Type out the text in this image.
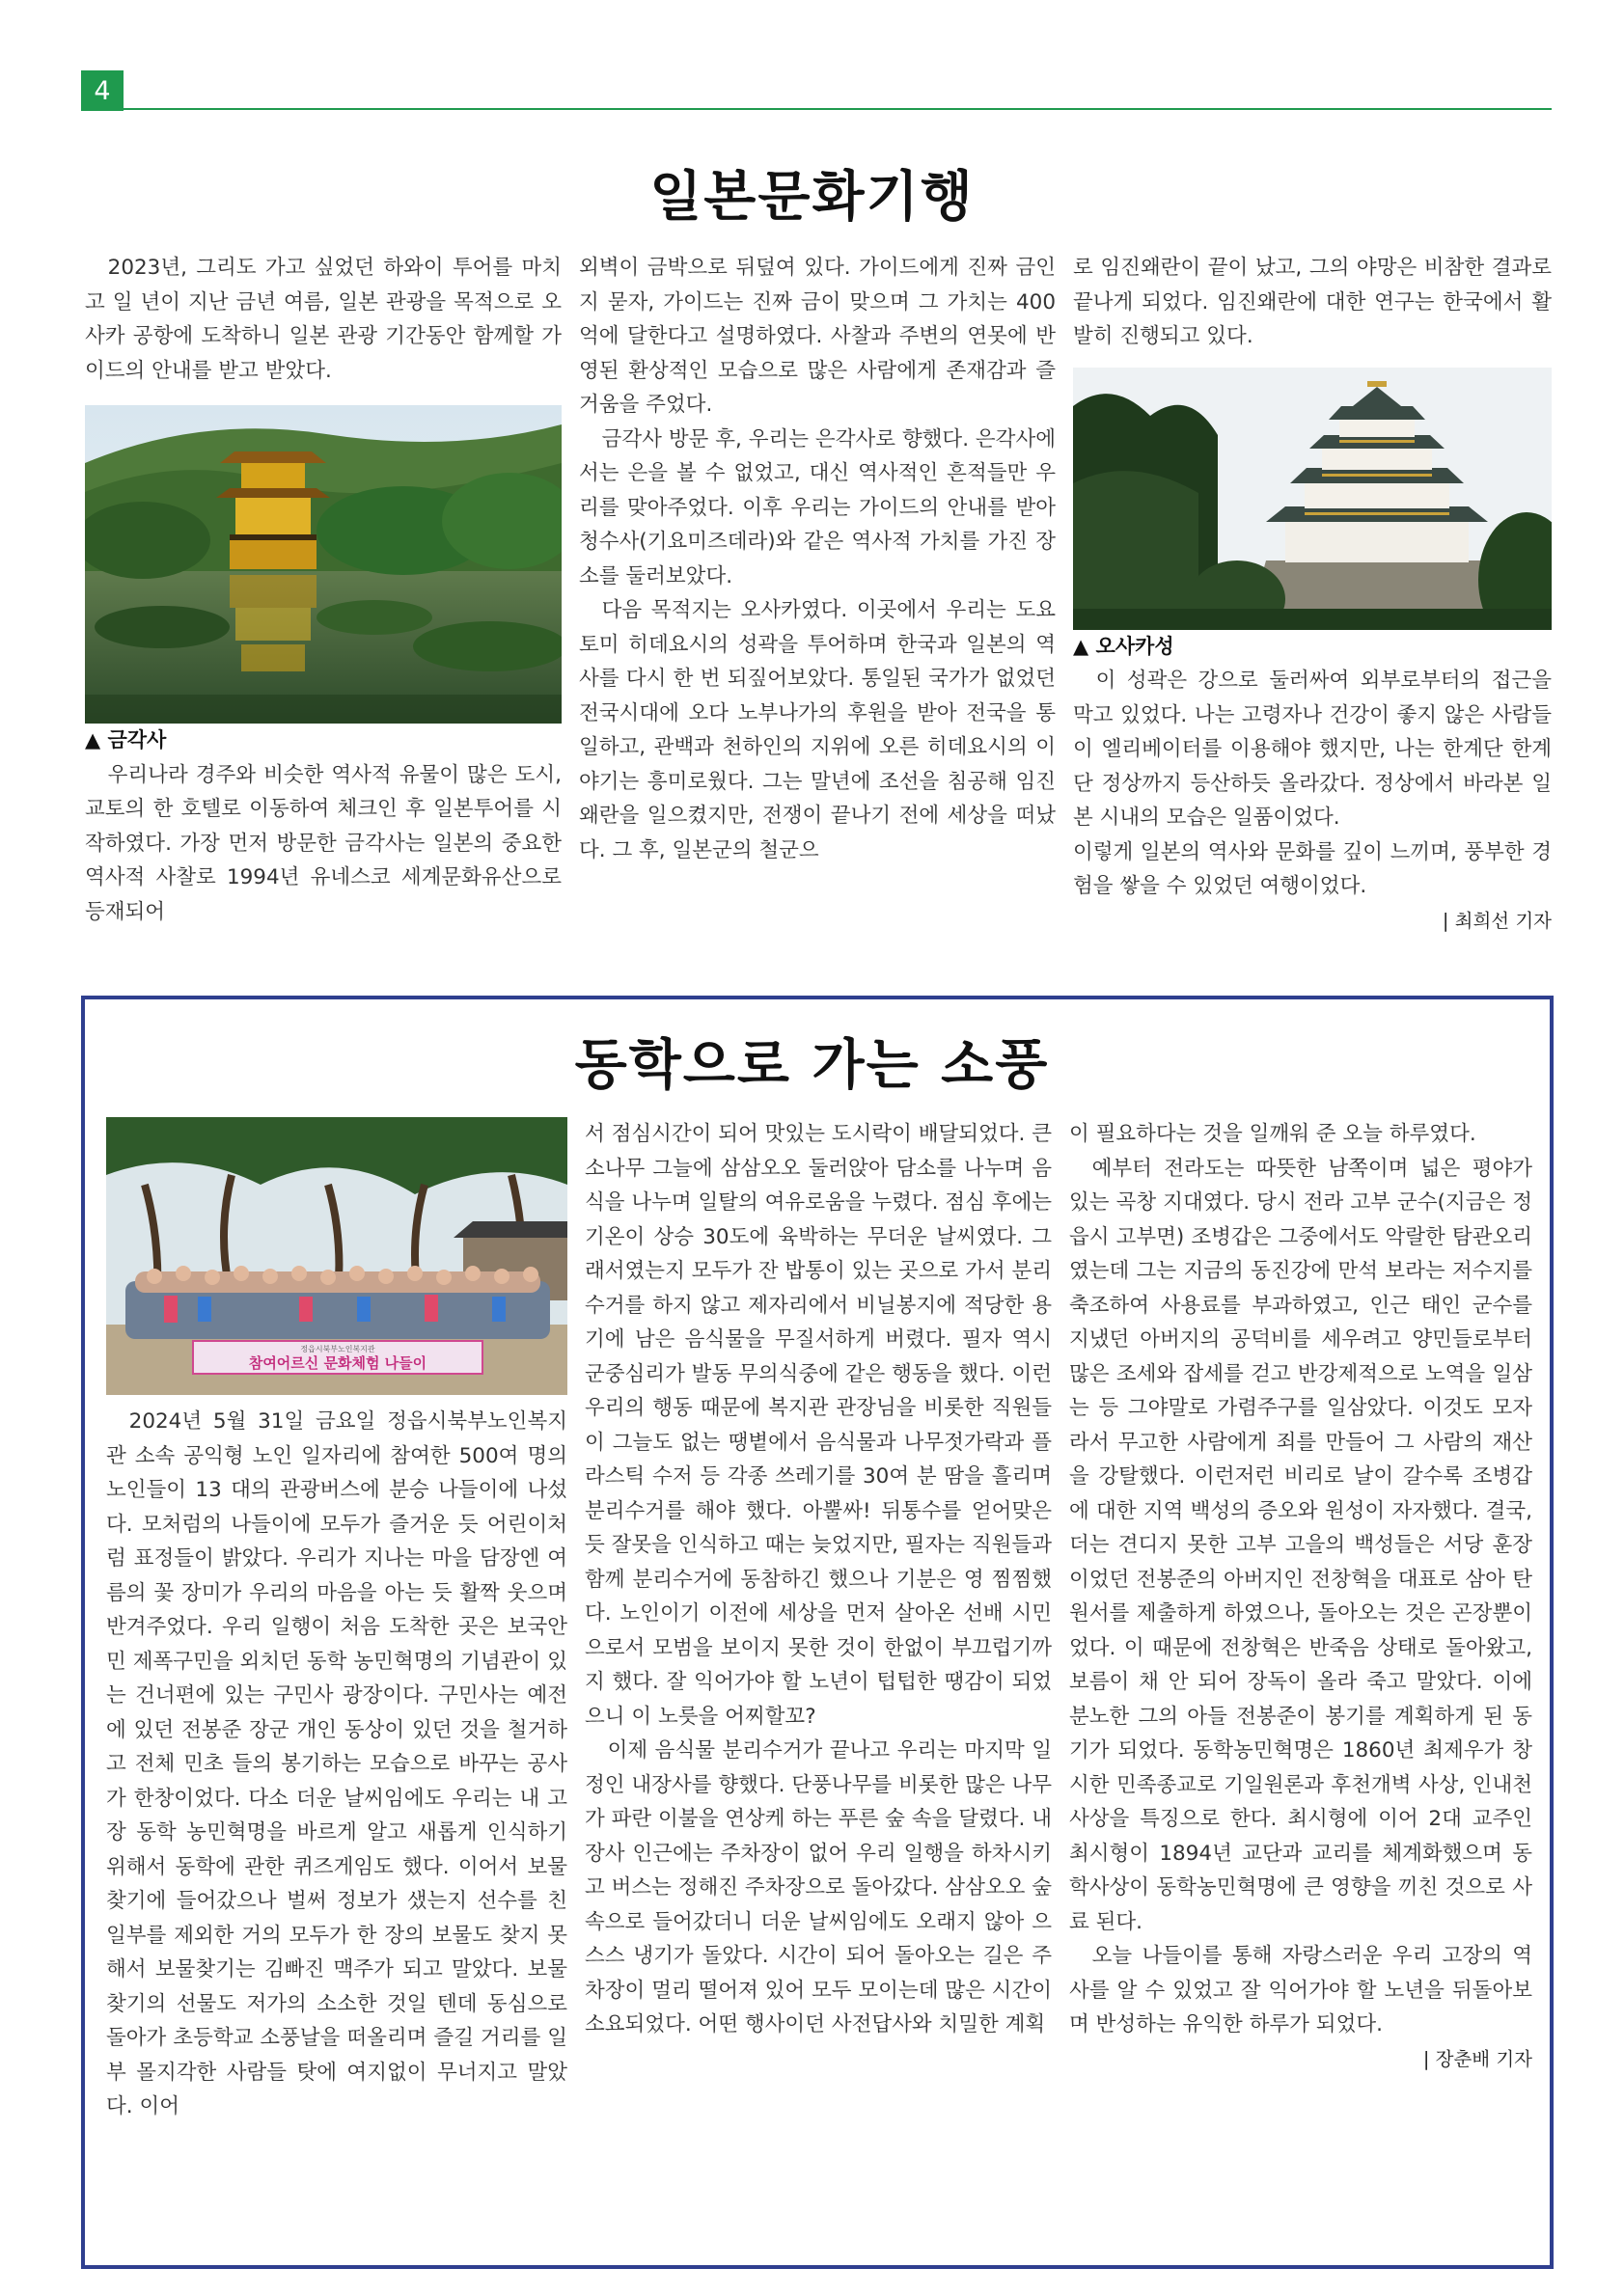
4
일본문화기행

2023년, 그리도 가고 싶었던 하와이 투어를 마치고 일 년이 지난 금년 여름, 일본 관광을 목적으로 오사카 공항에 도착하니 일본 관광 기간동안 함께할 가이드의 안내를 받고 받았다.

▲ 금각사

우리나라 경주와 비슷한 역사적 유물이 많은 도시, 교토의 한 호텔로 이동하여 체크인 후 일본투어를 시작하였다. 가장 먼저 방문한 금각사는 일본의 중요한 역사적 사찰로 1994년 유네스코 세계문화유산으로 등재되어

외벽이 금박으로 뒤덮여 있다. 가이드에게 진짜 금인지 묻자, 가이드는 진짜 금이 맞으며 그 가치는 400억에 달한다고 설명하였다. 사찰과 주변의 연못에 반영된 환상적인 모습으로 많은 사람에게 존재감과 즐거움을 주었다.

금각사 방문 후, 우리는 은각사로 향했다. 은각사에서는 은을 볼 수 없었고, 대신 역사적인 흔적들만 우리를 맞아주었다. 이후 우리는 가이드의 안내를 받아 청수사(기요미즈데라)와 같은 역사적 가치를 가진 장소를 둘러보았다.

다음 목적지는 오사카였다. 이곳에서 우리는 도요토미 히데요시의 성곽을 투어하며 한국과 일본의 역사를 다시 한 번 되짚어보았다. 통일된 국가가 없었던 전국시대에 오다 노부나가의 후원을 받아 전국을 통일하고, 관백과 천하인의 지위에 오른 히데요시의 이야기는 흥미로웠다. 그는 말년에 조선을 침공해 임진왜란을 일으켰지만, 전쟁이 끝나기 전에 세상을 떠났다. 그 후, 일본군의 철군으

로 임진왜란이 끝이 났고, 그의 야망은 비참한 결과로 끝나게 되었다. 임진왜란에 대한 연구는 한국에서 활발히 진행되고 있다.

▲ 오사카성

이 성곽은 강으로 둘러싸여 외부로부터의 접근을 막고 있었다. 나는 고령자나 건강이 좋지 않은 사람들이 엘리베이터를 이용해야 했지만, 나는 한계단 한계단 정상까지 등산하듯 올라갔다. 정상에서 바라본 일본 시내의 모습은 일품이었다.

이렇게 일본의 역사와 문화를 깊이 느끼며, 풍부한 경험을 쌓을 수 있었던 여행이었다.

| 최희선 기자

동학으로 가는 소풍
정읍시북부노인복지관
참여어르신 문화체험 나들이

2024년 5월 31일 금요일 정읍시북부노인복지관 소속 공익형 노인 일자리에 참여한 500여 명의 노인들이 13 대의 관광버스에 분승 나들이에 나섰다. 모처럼의 나들이에 모두가 즐거운 듯 어린이처럼 표정들이 밝았다. 우리가 지나는 마을 담장엔 여름의 꽃 장미가 우리의 마음을 아는 듯 활짝 웃으며 반겨주었다. 우리 일행이 처음 도착한 곳은 보국안민 제폭구민을 외치던 동학 농민혁명의 기념관이 있는 건너편에 있는 구민사 광장이다. 구민사는 예전에 있던 전봉준 장군 개인 동상이 있던 것을 철거하고 전체 민초 들의 봉기하는 모습으로 바꾸는 공사가 한창이었다. 다소 더운 날씨임에도 우리는 내 고장 동학 농민혁명을 바르게 알고 새롭게 인식하기 위해서 동학에 관한 퀴즈게임도 했다. 이어서 보물찾기에 들어갔으나 벌써 정보가 샜는지 선수를 친 일부를 제외한 거의 모두가 한 장의 보물도 찾지 못해서 보물찾기는 김빠진 맥주가 되고 말았다. 보물찾기의 선물도 저가의 소소한 것일 텐데 동심으로 돌아가 초등학교 소풍날을 떠올리며 즐길 거리를 일부 몰지각한 사람들 탓에 여지없이 무너지고 말았다. 이어

서 점심시간이 되어 맛있는 도시락이 배달되었다. 큰 소나무 그늘에 삼삼오오 둘러앉아 담소를 나누며 음식을 나누며 일탈의 여유로움을 누렸다. 점심 후에는 기온이 상승 30도에 육박하는 무더운 날씨였다. 그래서였는지 모두가 잔 밥통이 있는 곳으로 가서 분리수거를 하지 않고 제자리에서 비닐봉지에 적당한 용기에 남은 음식물을 무질서하게 버렸다. 필자 역시 군중심리가 발동 무의식중에 같은 행동을 했다. 이런 우리의 행동 때문에 복지관 관장님을 비롯한 직원들이 그늘도 없는 땡볕에서 음식물과 나무젓가락과 플라스틱 수저 등 각종 쓰레기를 30여 분 땀을 흘리며 분리수거를 해야 했다. 아뿔싸! 뒤통수를 얻어맞은 듯 잘못을 인식하고 때는 늦었지만, 필자는 직원들과 함께 분리수거에 동참하긴 했으나 기분은 영 찜찜했다. 노인이기 이전에 세상을 먼저 살아온 선배 시민으로서 모범을 보이지 못한 것이 한없이 부끄럽기까지 했다. 잘 익어가야 할 노년이 텁텁한 땡감이 되었으니 이 노릇을 어찌할꼬?

이제 음식물 분리수거가 끝나고 우리는 마지막 일정인 내장사를 향했다. 단풍나무를 비롯한 많은 나무가 파란 이불을 연상케 하는 푸른 숲 속을 달렸다. 내장사 인근에는 주차장이 없어 우리 일행을 하차시키고 버스는 정해진 주차장으로 돌아갔다. 삼삼오오 숲 속으로 들어갔더니 더운 날씨임에도 오래지 않아 으스스 냉기가 돌았다. 시간이 되어 돌아오는 길은 주차장이 멀리 떨어져 있어 모두 모이는데 많은 시간이 소요되었다. 어떤 행사이던 사전답사와 치밀한 계획

이 필요하다는 것을 일깨워 준 오늘 하루였다.

예부터 전라도는 따뜻한 남쪽이며 넓은 평야가 있는 곡창 지대였다. 당시 전라 고부 군수(지금은 정읍시 고부면) 조병갑은 그중에서도 악랄한 탐관오리였는데 그는 지금의 동진강에 만석 보라는 저수지를 축조하여 사용료를 부과하였고, 인근 태인 군수를 지냈던 아버지의 공덕비를 세우려고 양민들로부터 많은 조세와 잡세를 걷고 반강제적으로 노역을 일삼는 등 그야말로 가렴주구를 일삼았다. 이것도 모자라서 무고한 사람에게 죄를 만들어 그 사람의 재산을 강탈했다. 이런저런 비리로 날이 갈수록 조병갑에 대한 지역 백성의 증오와 원성이 자자했다. 결국, 더는 견디지 못한 고부 고을의 백성들은 서당 훈장이었던 전봉준의 아버지인 전창혁을 대표로 삼아 탄원서를 제출하게 하였으나, 돌아오는 것은 곤장뿐이었다. 이 때문에 전창혁은 반죽음 상태로 돌아왔고, 보름이 채 안 되어 장독이 올라 죽고 말았다. 이에 분노한 그의 아들 전봉준이 봉기를 계획하게 된 동기가 되었다. 동학농민혁명은 1860년 최제우가 창시한 민족종교로 기일원론과 후천개벽 사상, 인내천 사상을 특징으로 한다. 최시형에 이어 2대 교주인 최시형이 1894년 교단과 교리를 체계화했으며 동학사상이 동학농민혁명에 큰 영향을 끼친 것으로 사료 된다.

오늘 나들이를 통해 자랑스러운 우리 고장의 역사를 알 수 있었고 잘 익어가야 할 노년을 뒤돌아보며 반성하는 유익한 하루가 되었다.

| 장춘배 기자
